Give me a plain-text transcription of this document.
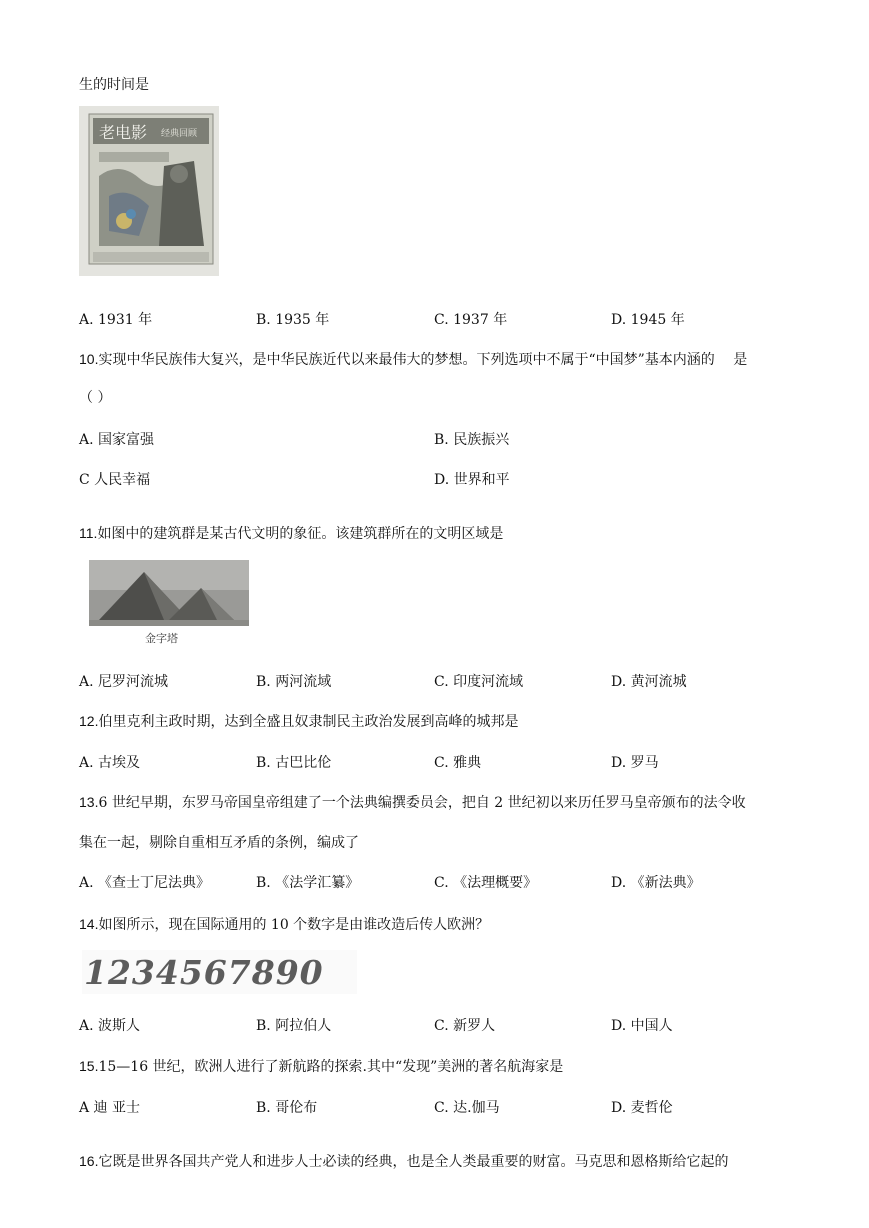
生的时间是
老电影 经典回顾
A. 1931 年	B. 1935 年	C. 1937 年	D. 1945 年
10.实现中华民族伟大复兴，是中华民族近代以来最伟大的梦想。下列选项中不属于“中国梦”基本内涵的　 是
（ ）
A. 国家富强	B. 民族振兴
C 人民幸福	D. 世界和平
11.如图中的建筑群是某古代文明的象征。该建筑群所在的文明区域是
金字塔
A. 尼罗河流城	B. 两河流域	C. 印度河流域	D. 黄河流城
12.伯里克利主政时期，达到全盛且奴隶制民主政治发展到高峰的城邦是
A. 古埃及	B. 古巴比伦	C. 雅典	D. 罗马
13.6 世纪早期，东罗马帝国皇帝组建了一个法典编撰委员会，把自 2 世纪初以来历任罗马皇帝颁布的法令收
集在一起，剔除自重相互矛盾的条例，编成了
A. 《查士丁尼法典》	B. 《法学汇纂》	C. 《法理概要》	D. 《新法典》
14.如图所示，现在国际通用的 10 个数字是由谁改造后传人欧洲？
1234567890
A. 波斯人	B. 阿拉伯人	C. 新罗人	D. 中国人
15.15—16 世纪，欧洲人进行了新航路的探索.其中“发现”美洲的著名航海家是
A 迪 亚士	B. 哥伦布	C. 达.伽马	D. 麦哲伦
16.它既是世界各国共产党人和进步人士必读的经典，也是全人类最重要的财富。马克思和恩格斯给它起的
